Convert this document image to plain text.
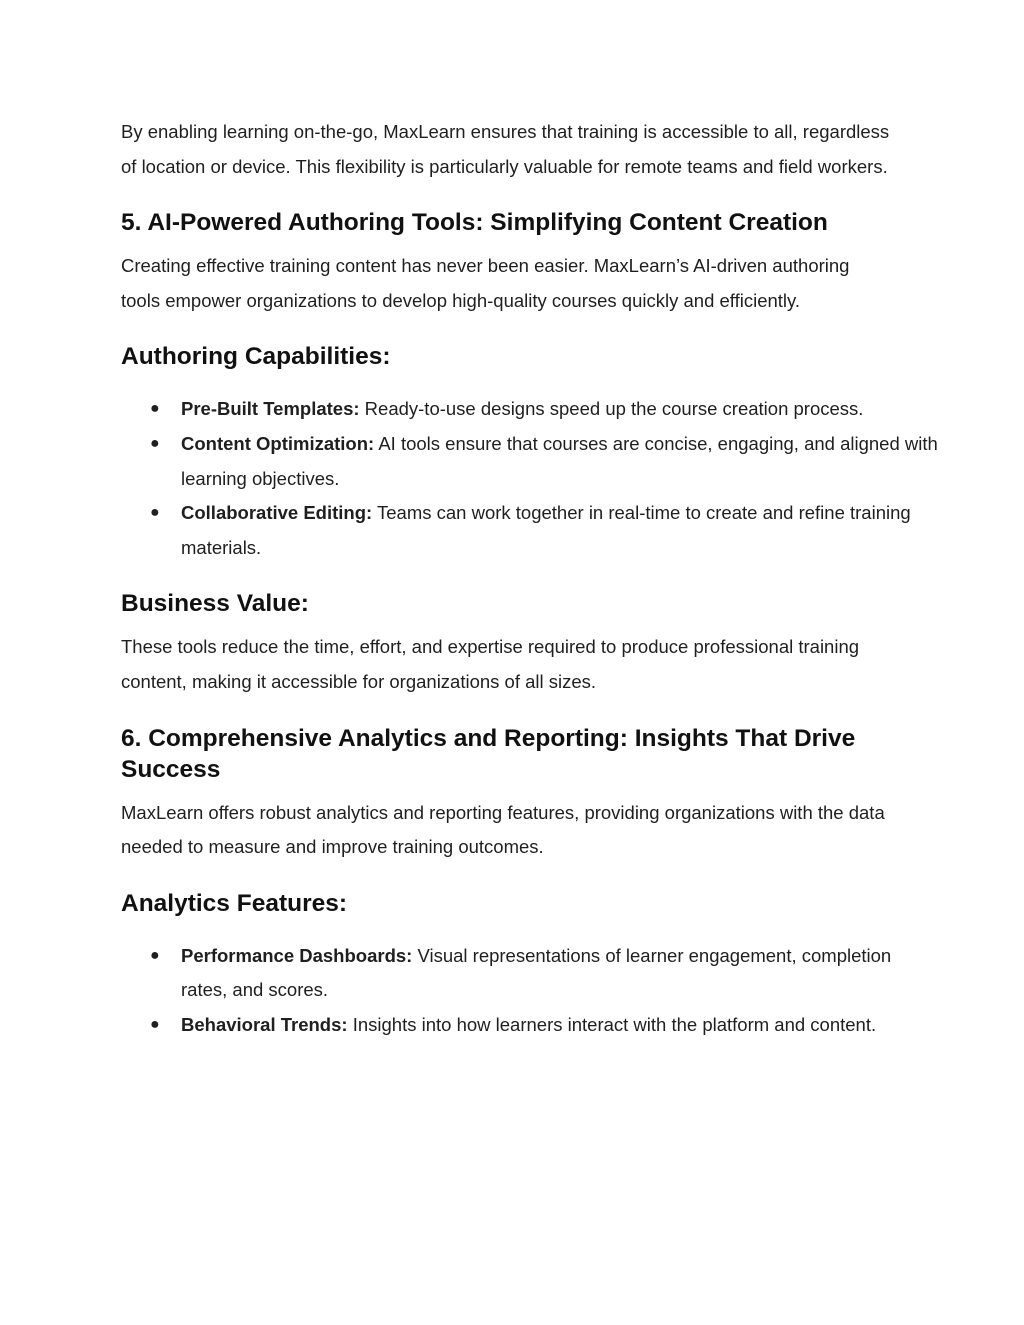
By enabling learning on-the-go, MaxLearn ensures that training is accessible to all, regardless of location or device. This flexibility is particularly valuable for remote teams and field workers.

5. AI-Powered Authoring Tools: Simplifying Content Creation

Creating effective training content has never been easier. MaxLearn’s AI-driven authoring tools empower organizations to develop high-quality courses quickly and efficiently.

Authoring Capabilities:
● Pre-Built Templates: Ready-to-use designs speed up the course creation process.
● Content Optimization: AI tools ensure that courses are concise, engaging, and aligned with learning objectives.
● Collaborative Editing: Teams can work together in real-time to create and refine training materials.
Business Value:

These tools reduce the time, effort, and expertise required to produce professional training content, making it accessible for organizations of all sizes.

6. Comprehensive Analytics and Reporting: Insights That Drive Success

MaxLearn offers robust analytics and reporting features, providing organizations with the data needed to measure and improve training outcomes.

Analytics Features:
● Performance Dashboards: Visual representations of learner engagement, completion rates, and scores.
● Behavioral Trends: Insights into how learners interact with the platform and content.
